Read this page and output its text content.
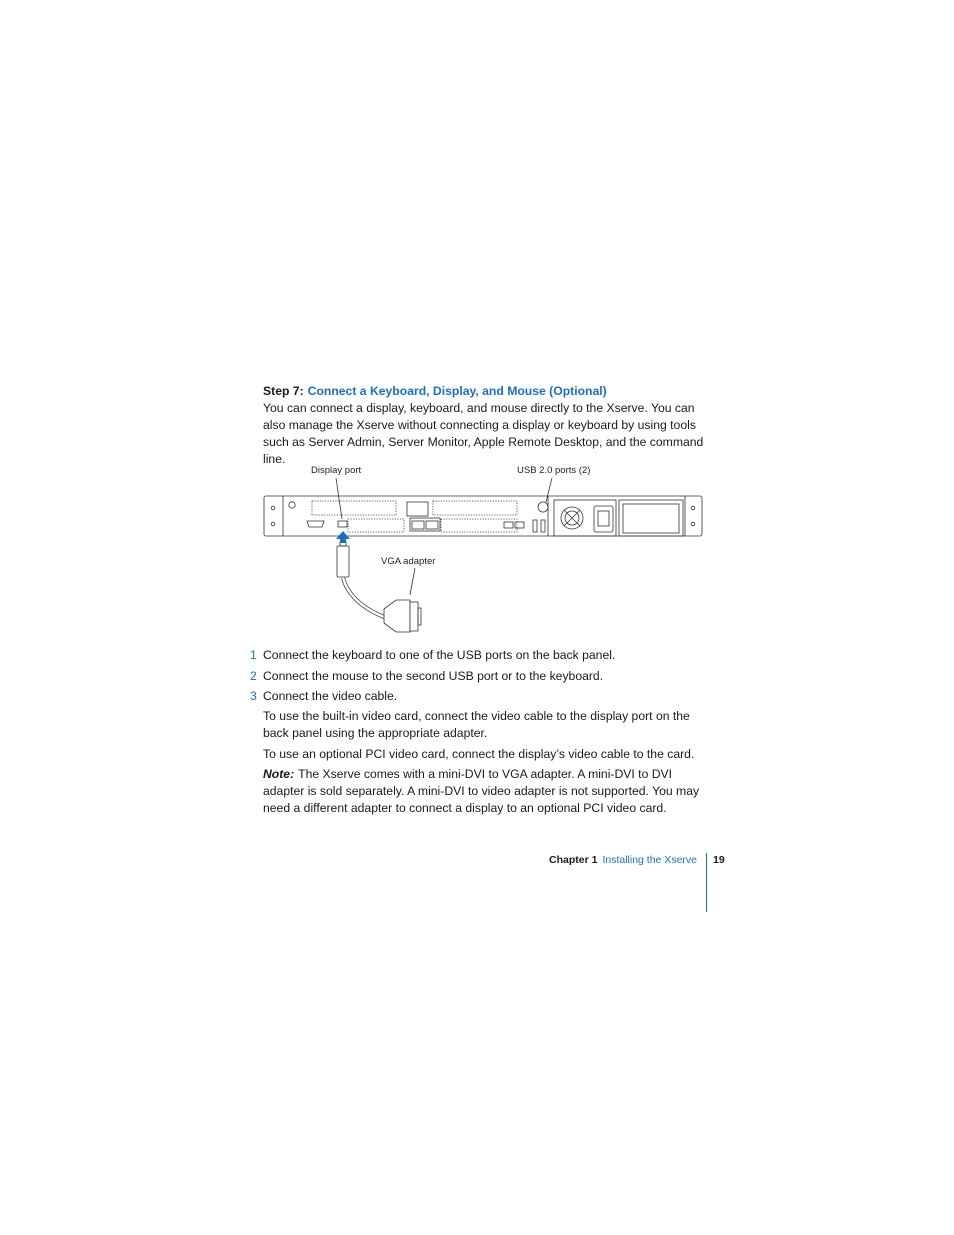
Step 7: Connect a Keyboard, Display, and Mouse (Optional)
You can connect a display, keyboard, and mouse directly to the Xserve. You can also manage the Xserve without connecting a display or keyboard by using tools such as Server Admin, Server Monitor, Apple Remote Desktop, and the command line.
Display port	USB 2.0 ports (2)
VGA adapter
1 Connect the keyboard to one of the USB ports on the back panel.
2 Connect the mouse to the second USB port or to the keyboard.
3 Connect the video cable.
To use the built-in video card, connect the video cable to the display port on the back panel using the appropriate adapter.
To use an optional PCI video card, connect the display’s video cable to the card.
Note: The Xserve comes with a mini-DVI to VGA adapter. A mini-DVI to DVI adapter is sold separately. A mini-DVI to video adapter is not supported. You may need a different adapter to connect a display to an optional PCI video card.
Chapter 1 Installing the Xserve 19
